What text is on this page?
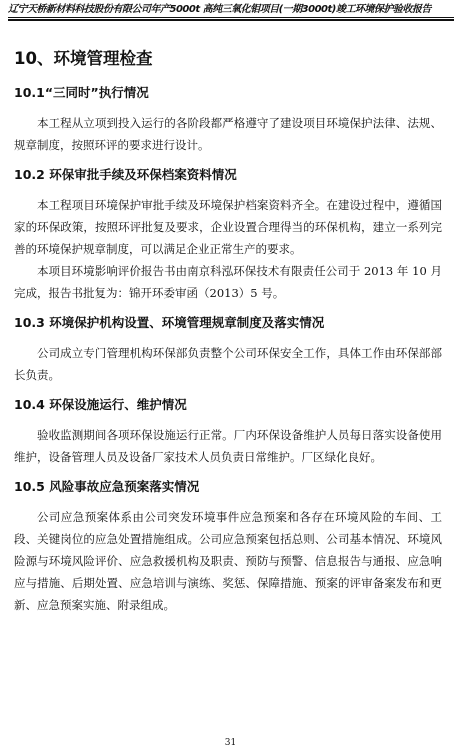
辽宁天桥新材料科技股份有限公司年产5000t 高纯三氧化钼项目(一期3000t)竣工环境保护验收报告
10、环境管理检查
10.1“三同时”执行情况

本工程从立项到投入运行的各阶段都严格遵守了建设项目环境保护法律、法规、规章制度，按照环评的要求进行设计。

10.2 环保审批手续及环保档案资料情况

本工程项目环境保护审批手续及环境保护档案资料齐全。在建设过程中，遵循国家的环保政策，按照环评批复及要求，企业设置合理得当的环保机构，建立一系列完善的环境保护规章制度，可以满足企业正常生产的要求。

本项目环境影响评价报告书由南京科泓环保技术有限责任公司于 2013 年 10 月完成，报告书批复为：锦开环委审函（2013）5 号。

10.3 环境保护机构设置、环境管理规章制度及落实情况

公司成立专门管理机构环保部负责整个公司环保安全工作，具体工作由环保部部长负责。

10.4 环保设施运行、维护情况

验收监测期间各项环保设施运行正常。厂内环保设备维护人员每日落实设备使用维护，设备管理人员及设备厂家技术人员负责日常维护。厂区绿化良好。

10.5 风险事故应急预案落实情况

公司应急预案体系由公司突发环境事件应急预案和各存在环境风险的车间、工段、关键岗位的应急处置措施组成。公司应急预案包括总则、公司基本情况、环境风险源与环境风险评价、应急救援机构及职责、预防与预警、信息报告与通报、应急响应与措施、后期处置、应急培训与演练、奖惩、保障措施、预案的评审备案发布和更新、应急预案实施、附录组成。

31
